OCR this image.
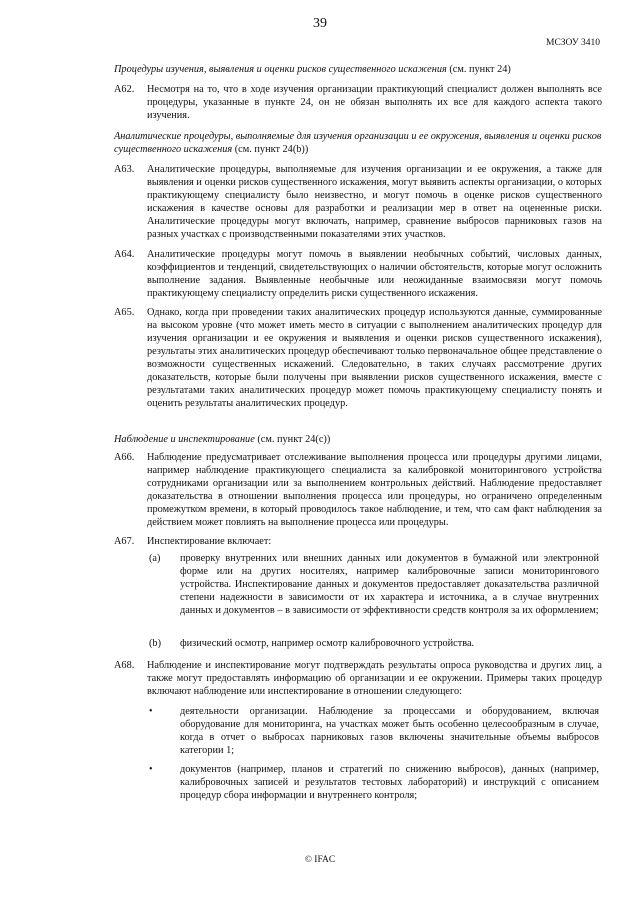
39
МСЗОУ 3410
Процедуры изучения, выявления и оценки рисков существенного искажения (см. пункт 24)
A62. Несмотря на то, что в ходе изучения организации практикующий специалист должен выполнять все процедуры, указанные в пункте 24, он не обязан выполнять их все для каждого аспекта такого изучения.
Аналитические процедуры, выполняемые для изучения организации и ее окружения, выявления и оценки рисков существенного искажения (см. пункт 24(b))
A63. Аналитические процедуры, выполняемые для изучения организации и ее окружения, а также для выявления и оценки рисков существенного искажения, могут выявить аспекты организации, о которых практикующему специалисту было неизвестно, и могут помочь в оценке рисков существенного искажения в качестве основы для разработки и реализации мер в ответ на оцененные риски. Аналитические процедуры могут включать, например, сравнение выбросов парниковых газов на разных участках с производственными показателями этих участков.
A64. Аналитические процедуры могут помочь в выявлении необычных событий, числовых данных, коэффициентов и тенденций, свидетельствующих о наличии обстоятельств, которые могут осложнить выполнение задания. Выявленные необычные или неожиданные взаимосвязи могут помочь практикующему специалисту определить риски существенного искажения.
A65. Однако, когда при проведении таких аналитических процедур используются данные, суммированные на высоком уровне (что может иметь место в ситуации с выполнением аналитических процедур для изучения организации и ее окружения и выявления и оценки рисков существенного искажения), результаты этих аналитических процедур обеспечивают только первоначальное общее представление о возможности существенных искажений. Следовательно, в таких случаях рассмотрение других доказательств, которые были получены при выявлении рисков существенного искажения, вместе с результатами таких аналитических процедур может помочь практикующему специалисту понять и оценить результаты аналитических процедур.
Наблюдение и инспектирование (см. пункт 24(c))
A66. Наблюдение предусматривает отслеживание выполнения процесса или процедуры другими лицами, например наблюдение практикующего специалиста за калибровкой мониторингового устройства сотрудниками организации или за выполнением контрольных действий. Наблюдение предоставляет доказательства в отношении выполнения процесса или процедуры, но ограничено определенным промежутком времени, в который проводилось такое наблюдение, и тем, что сам факт наблюдения за действием может повлиять на выполнение процесса или процедуры.
A67. Инспектирование включает:
(a) проверку внутренних или внешних данных или документов в бумажной или электронной форме или на других носителях, например калибровочные записи мониторингового устройства. Инспектирование данных и документов предоставляет доказательства различной степени надежности в зависимости от их характера и источника, а в случае внутренних данных и документов – в зависимости от эффективности средств контроля за их оформлением;
(b) физический осмотр, например осмотр калибровочного устройства.
A68. Наблюдение и инспектирование могут подтверждать результаты опроса руководства и других лиц, а также могут предоставлять информацию об организации и ее окружении. Примеры таких процедур включают наблюдение или инспектирование в отношении следующего:
•	деятельности организации. Наблюдение за процессами и оборудованием, включая оборудование для мониторинга, на участках может быть особенно целесообразным в случае, когда в отчет о выбросах парниковых газов включены значительные объемы выбросов категории 1;
•	документов (например, планов и стратегий по снижению выбросов), данных (например, калибровочных записей и результатов тестовых лабораторий) и инструкций с описанием процедур сбора информации и внутреннего контроля;
© IFAC
